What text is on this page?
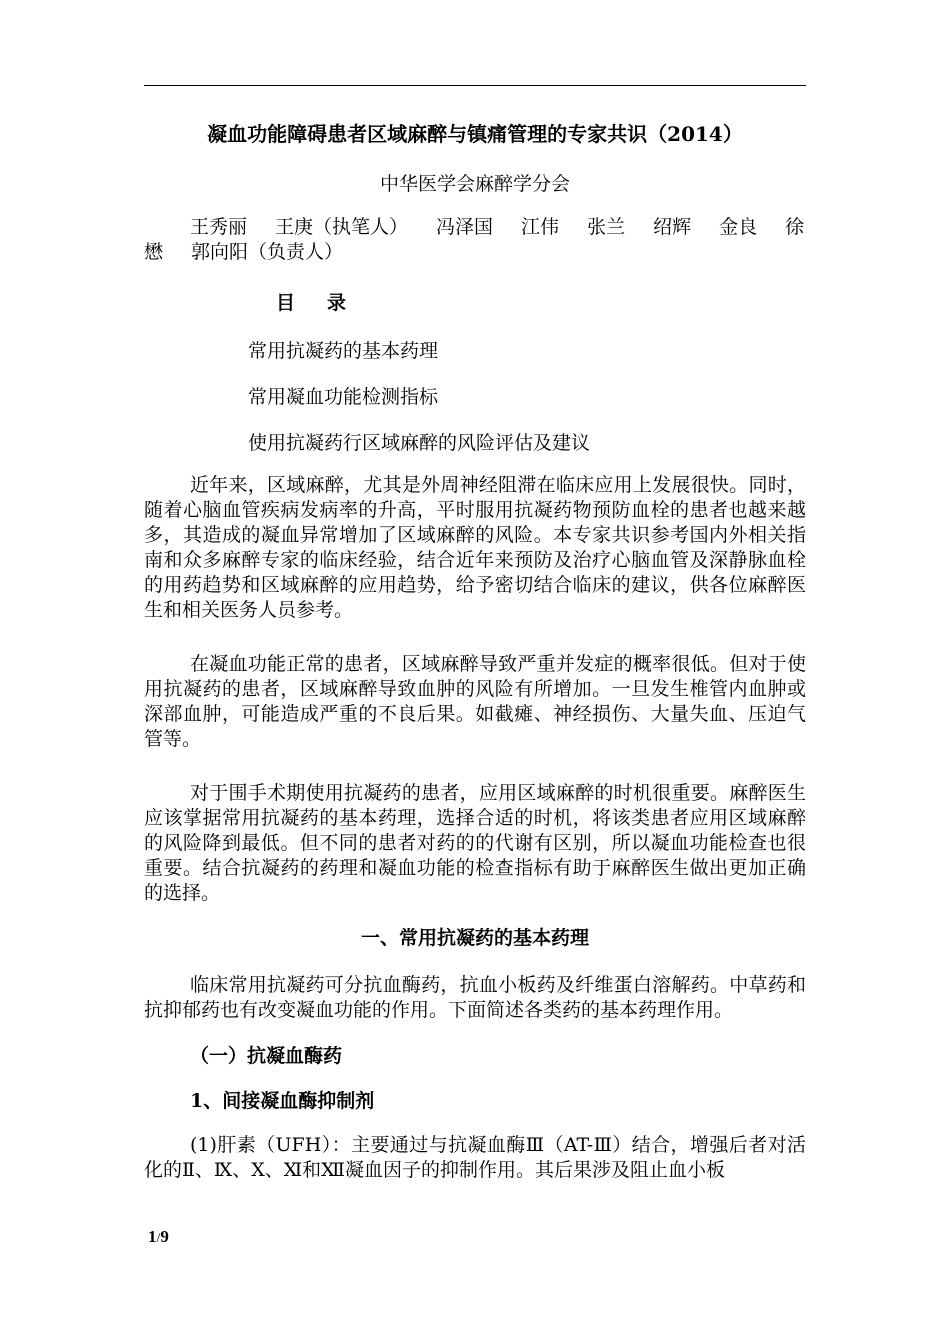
凝血功能障碍患者区域麻醉与镇痛管理的专家共识（2014）

中华医学会麻醉学分会

王秀丽 王庚（执笔人） 冯泽国 江伟 张兰 绍辉 金良 徐懋 郭向阳（负责人）

目录
常用抗凝药的基本药理
常用凝血功能检测指标
使用抗凝药行区域麻醉的风险评估及建议

近年来，区域麻醉，尤其是外周神经阻滞在临床应用上发展很快。同时，随着心脑血管疾病发病率的升高，平时服用抗凝药物预防血栓的患者也越来越多，其造成的凝血异常增加了区域麻醉的风险。本专家共识参考国内外相关指南和众多麻醉专家的临床经验，结合近年来预防及治疗心脑血管及深静脉血栓的用药趋势和区域麻醉的应用趋势，给予密切结合临床的建议，供各位麻醉医生和相关医务人员参考。

在凝血功能正常的患者，区域麻醉导致严重并发症的概率很低。但对于使用抗凝药的患者，区域麻醉导致血肿的风险有所增加。一旦发生椎管内血肿或深部血肿，可能造成严重的不良后果。如截瘫、神经损伤、大量失血、压迫气管等。

对于围手术期使用抗凝药的患者，应用区域麻醉的时机很重要。麻醉医生应该掌据常用抗凝药的基本药理，选择合适的时机，将该类患者应用区域麻醉的风险降到最低。但不同的患者对药的的代谢有区别，所以凝血功能检查也很重要。结合抗凝药的药理和凝血功能的检查指标有助于麻醉医生做出更加正确的选择。

一、常用抗凝药的基本药理

临床常用抗凝药可分抗血酶药，抗血小板药及纤维蛋白溶解药。中草药和抗抑郁药也有改变凝血功能的作用。下面简述各类药的基本药理作用。

（一）抗凝血酶药
1、间接凝血酶抑制剂

(1)肝素（UFH）：主要通过与抗凝血酶Ⅲ（AT-Ⅲ）结合，增强后者对活化的Ⅱ、Ⅸ、Ⅹ、Ⅺ和Ⅻ凝血因子的抑制作用。其后果涉及阻止血小板

1/9
